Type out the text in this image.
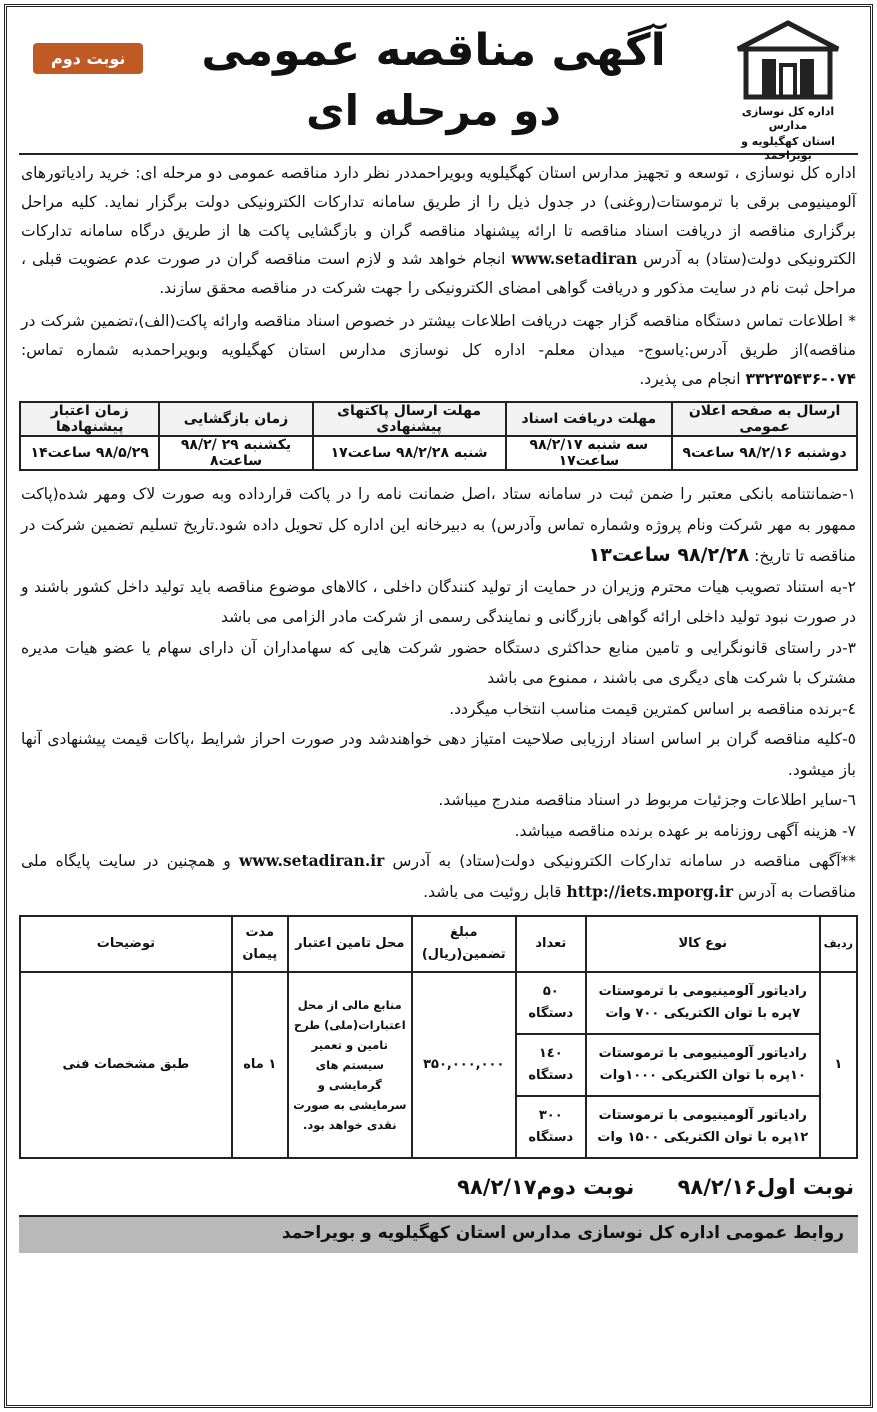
اداره کل نوسازی مدارس
استان کهگیلویه و بویراحمد
آگهی مناقصه عمومی
دو مرحله ای
نوبت دوم
اداره کل نوسازی ، توسعه و تجهیز مدارس استان کهگیلویه وبویراحمددر نظر دارد مناقصه عمومی دو مرحله ای: خرید رادیاتورهای آلومینیومی برقی با ترموستات(روغنی) در جدول ذیل را از طریق سامانه تدارکات الکترونیکی دولت برگزار نماید. کلیه مراحل برگزاری مناقصه از دریافت اسناد مناقصه تا ارائه پیشنهاد مناقصه گران و بازگشایی پاکت ها از طریق درگاه سامانه تدارکات الکترونیکی دولت(ستاد) به آدرس www.setadiran انجام خواهد شد و لازم است مناقصه گران در صورت عدم عضویت قبلی ، مراحل ثبت نام در سایت مذکور و دریافت گواهی امضای الکترونیکی را جهت شرکت در مناقصه محقق سازند.
* اطلاعات تماس دستگاه مناقصه گزار جهت دریافت اطلاعات بیشتر در خصوص اسناد مناقصه وارائه پاکت(الف)،تضمین شرکت در مناقصه)از طریق آدرس:یاسوج- میدان معلم- اداره کل نوسازی مدارس استان کهگیلویه وبویراحمدبه شماره تماس: ۰۷۴-۳۳۲۳۵۴۳۶ انجام می پذیرد.
ارسال به صفحه اعلان عمومی	مهلت دریافت اسناد	مهلت ارسال پاکتهای پیشنهادی	زمان بازگشایی	زمان اعتبار پیشنهادها
دوشنبه ۹۸/۲/۱۶ ساعت۹	سه شنبه ۹۸/۲/۱۷ ساعت۱۷	شنبه ۹۸/۲/۲۸ ساعت۱۷	یکشنبه ۲۹ /۹۸/۲ ساعت۸	۹۸/۵/۲۹ ساعت۱۴
۱-ضمانتنامه بانکی معتبر را ضمن ثبت در سامانه ستاد ،اصل ضمانت نامه را در پاکت قرارداده وبه صورت لاک ومهر شده(پاکت ممهور به مهر شرکت ونام پروژه وشماره تماس وآدرس) به دبیرخانه این اداره کل تحویل داده شود.تاریخ تسلیم تضمین شرکت در مناقصه تا تاریخ: ۹۸/۲/۲۸ ساعت۱۳
۲-به استناد تصویب هیات محترم وزیران در حمایت از تولید کنندگان داخلی ، کالاهای موضوع مناقصه باید تولید داخل کشور باشند و در صورت نبود تولید داخلی ارائه گواهی بازرگانی و نمایندگی رسمی از شرکت مادر الزامی می باشد
۳-در راستای قانونگرایی و تامین منابع حداکثری دستگاه حضور شرکت هایی که سهامداران آن دارای سهام یا عضو هیات مدیره مشترک با شرکت های دیگری می باشند ، ممنوع می باشد
٤-برنده مناقصه بر اساس کمترین قیمت مناسب انتخاب میگردد.
٥-کلیه مناقصه گران بر اساس اسناد ارزیابی صلاحیت امتیاز دهی خواهندشد ودر صورت احراز شرایط ،پاکات قیمت پیشنهادی آنها باز میشود.
٦-سایر اطلاعات وجزئیات مربوط در اسناد مناقصه مندرج میباشد.
۷- هزینه آگهی روزنامه بر عهده برنده مناقصه میباشد.
**آگهی مناقصه در سامانه تدارکات الکترونیکی دولت(ستاد) به آدرس www.setadiran.ir و همچنین در سایت پایگاه ملی مناقصات به آدرس http://iets.mporg.ir قابل روئیت می باشد.
ردیف	نوع کالا	تعداد	مبلغ تضمین(ریال)	محل تامین اعتبار	مدت پیمان	توضیحات
۱	رادیاتور آلومینیومی با ترموستات ۷پره با توان الکتریکی ۷۰۰ وات	۵۰ دستگاه	۳۵۰,۰۰۰,۰۰۰	منابع مالی از محل اعتبارات(ملی) طرح تامین و تعمیر سیستم های گرمایشی و سرمایشی به صورت نقدی خواهد بود.	۱ ماه	طبق مشخصات فنی
	رادیاتور آلومینیومی با ترموستات ۱۰پره با توان الکتریکی ۱۰۰۰وات	۱٤۰ دستگاه				
	رادیاتور آلومینیومی با ترموستات ۱۲پره با توان الکتریکی ۱۵۰۰ وات	۳۰۰ دستگاه				
نوبت اول۹۸/۲/۱۶ نوبت دوم۹۸/۲/۱۷
روابط عمومی اداره کل نوسازی مدارس استان کهگیلویه و بویراحمد
